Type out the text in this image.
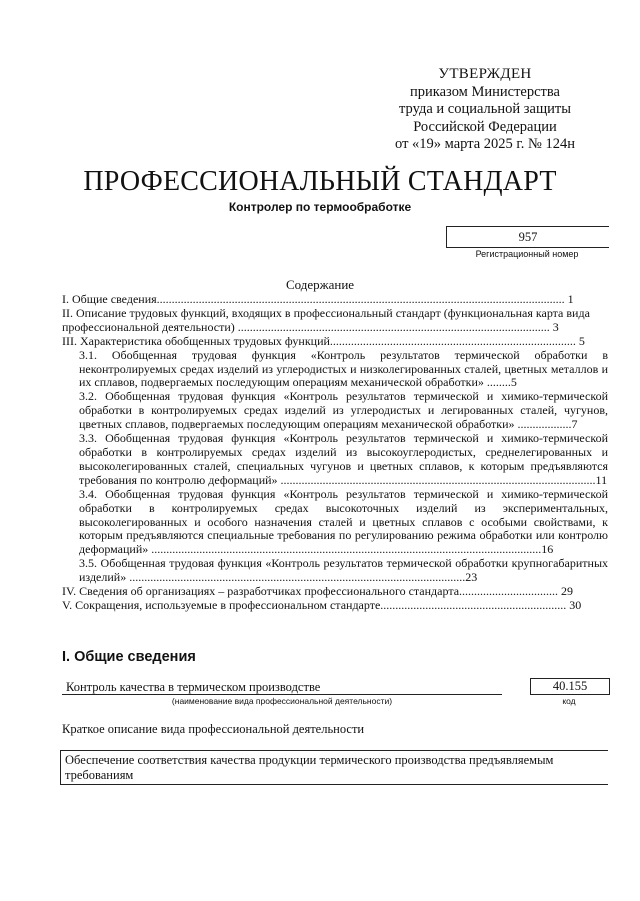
УТВЕРЖДЕН
приказом Министерства
труда и социальной защиты
Российской Федерации
от «19» марта 2025 г. № 124н
ПРОФЕССИОНАЛЬНЫЙ СТАНДАРТ
Контролер по термообработке
957
Регистрационный номер
Содержание

I. Общие сведения........................................................................................................................................ 1

II. Описание трудовых функций, входящих в профессиональный стандарт (функциональная карта вида профессиональной деятельности) ........................................................................................................ 3

III. Характеристика обобщенных трудовых функций.................................................................................. 5

3.1. Обобщенная трудовая функция «Контроль результатов термической обработки в неконтролируемых средах изделий из углеродистых и низколегированных сталей, цветных металлов и их сплавов, подвергаемых последующим операциям механической обработки» ........5

3.2. Обобщенная трудовая функция «Контроль результатов термической и химико-термической обработки в контролируемых средах изделий из углеродистых и легированных сталей, чугунов, цветных сплавов, подвергаемых последующим операциям механической обработки» ..................7

3.3. Обобщенная трудовая функция «Контроль результатов термической и химико-термической обработки в контролируемых средах изделий из высокоуглеродистых, среднелегированных и высоколегированных сталей, специальных чугунов и цветных сплавов, к которым предъявляются требования по контролю деформаций» .........................................................................................................11

3.4. Обобщенная трудовая функция «Контроль результатов термической и химико-термической обработки в контролируемых средах высокоточных изделий из экспериментальных, высоколегированных и особого назначения сталей и цветных сплавов с особыми свойствами, к которым предъявляются специальные требования по регулированию режима обработки или контролю деформаций» ..................................................................................................................................16

3.5. Обобщенная трудовая функция «Контроль результатов термической обработки крупногабаритных изделий» ................................................................................................................23

IV. Сведения об организациях – разработчиках профессионального стандарта................................. 29

V. Сокращения, используемые в профессиональном стандарте.............................................................. 30

I. Общие сведения
Контроль качества в термическом производстве
(наименование вида профессиональной деятельности)
40.155
код
Краткое описание вида профессиональной деятельности
Обеспечение соответствия качества продукции термического производства предъявляемым требованиям
